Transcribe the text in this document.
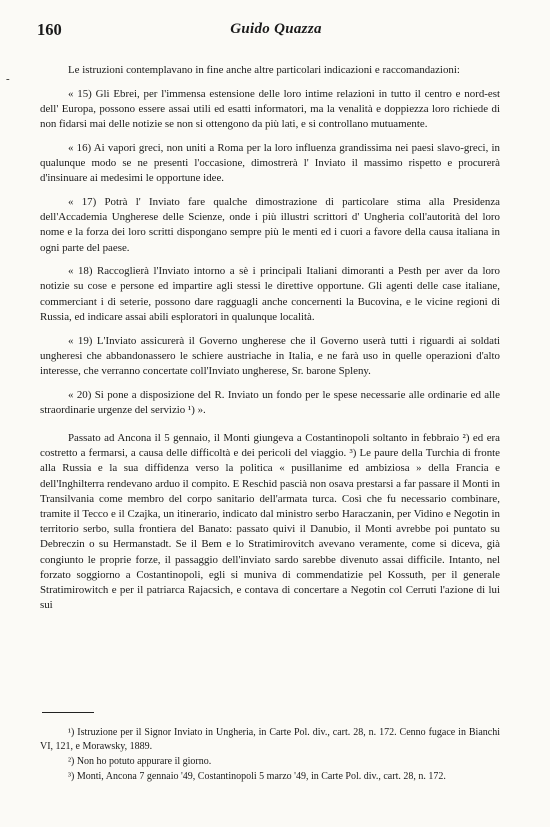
160	Guido Quazza
-

Le istruzioni contemplavano in fine anche altre particolari indicazioni e raccomandazioni:

« 15) Gli Ebrei, per l'immensa estensione delle loro intime relazioni in tutto il centro e nord-est dell' Europa, possono essere assai utili ed esatti informatori, ma la venalità e doppiezza loro richiede di non fidarsi mai delle notizie se non si ottengono da più lati, e si controllano mutuamente.

« 16) Ai vapori greci, non uniti a Roma per la loro influenza grandissima nei paesi slavo-greci, in qualunque modo se ne presenti l'occasione, dimostrerà l' Inviato il massimo rispetto e procurerà d'insinuare ai medesimi le opportune idee.

« 17) Potrà l' Inviato fare qualche dimostrazione di particolare stima alla Presidenza dell'Accademia Ungherese delle Scienze, onde i più illustri scrittori d' Ungheria coll'autorità del loro nome e la forza dei loro scritti dispongano sempre più le menti ed i cuori a favore della causa italiana in ogni parte del paese.

« 18) Raccoglierà l'Inviato intorno a sè i principali Italiani dimoranti a Pesth per aver da loro notizie su cose e persone ed impartire agli stessi le direttive opportune. Gli agenti delle case italiane, commerciant i di seterie, possono dare ragguagli anche concernenti la Bucovina, e le vicine regioni di Russia, ed indicare assai abili esploratori in qualunque località.

« 19) L'Inviato assicurerà il Governo ungherese che il Governo userà tutti i riguardi ai soldati ungheresi che abbandonassero le schiere austriache in Italia, e ne farà uso in quelle operazioni d'alto interesse, che verranno concertate coll'Inviato ungherese, Sr. barone Spleny.

« 20) Si pone a disposizione del R. Inviato un fondo per le spese necessarie alle ordinarie ed alle straordinarie urgenze del servizio ¹) ».

Passato ad Ancona il 5 gennaio, il Monti giungeva a Costantinopoli soltanto in febbraio ²) ed era costretto a fermarsi, a causa delle difficoltà e dei pericoli del viaggio. ³) Le paure della Turchia di fronte alla Russia e la sua diffidenza verso la politica « pusillanime ed ambiziosa » della Francia e dell'Inghilterra rendevano arduo il compito. E Reschid pascià non osava prestarsi a far passare il Monti in Transilvania come membro del corpo sanitario dell'armata turca. Così che fu necessario combinare, tramite il Tecco e il Czajka, un itinerario, indicato dal ministro serbo Haraczanin, per Vidino e Negotin in territorio serbo, sulla frontiera del Banato: passato quivi il Danubio, il Monti avrebbe poi puntato su Debreczin o su Hermanstadt. Se il Bem e lo Stratimirovitch avevano veramente, come si diceva, già congiunto le proprie forze, il passaggio dell'inviato sardo sarebbe divenuto assai difficile. Intanto, nel forzato soggiorno a Costantinopoli, egli si muniva di commendatizie pel Kossuth, per il generale Stratimirowitch e per il patriarca Rajacsich, e contava di concertare a Negotin col Cerruti l'azione di lui sui

¹) Istruzione per il Signor Inviato in Ungheria, in Carte Pol. div., cart. 28, n. 172. Cenno fugace in Bianchi VI, 121, e Morawsky, 1889.

²) Non ho potuto appurare il giorno.

³) Monti, Ancona 7 gennaio '49, Costantinopoli 5 marzo '49, in Carte Pol. div., cart. 28, n. 172.
